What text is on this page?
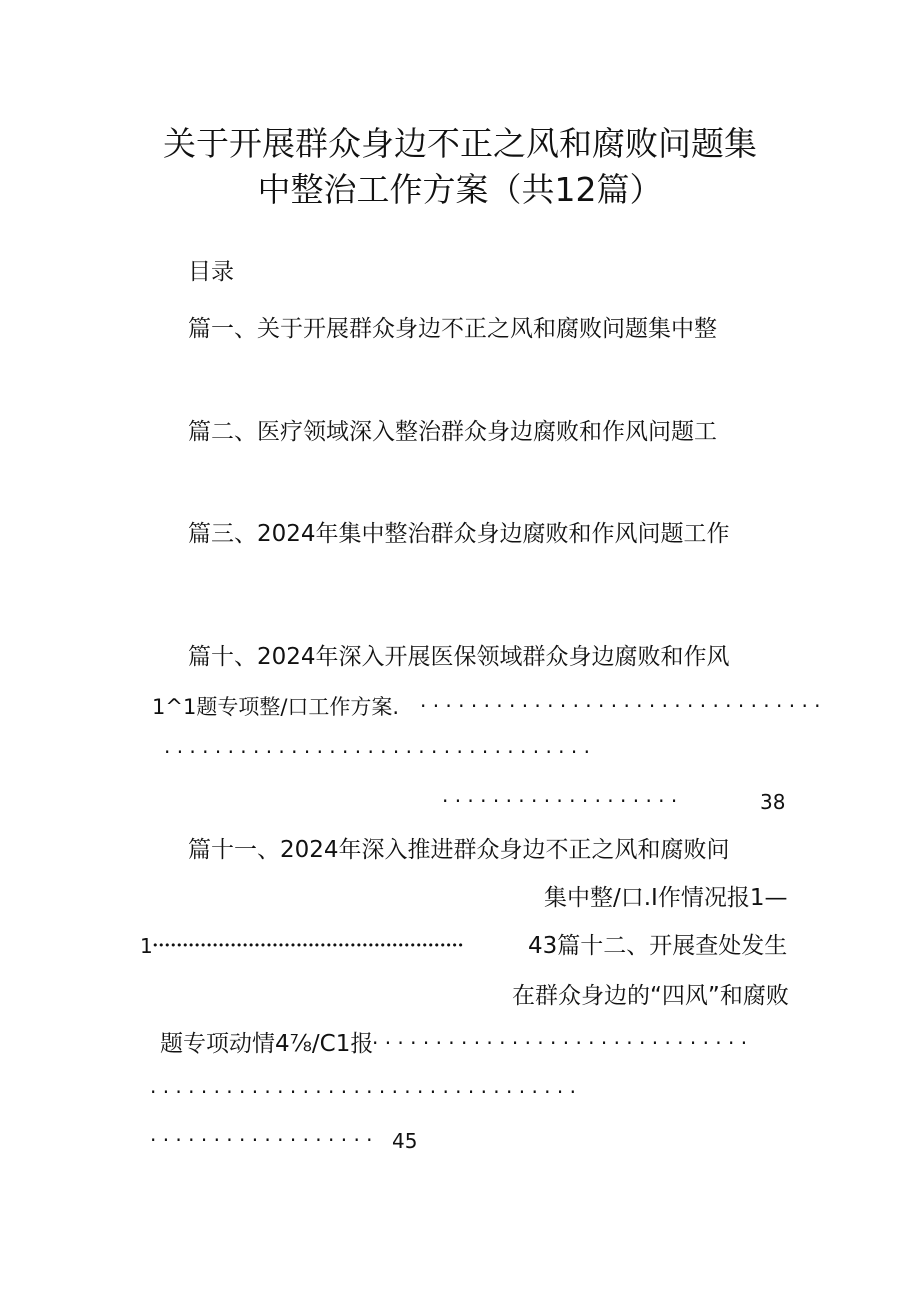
关于开展群众身边不正之风和腐败问题集
中整治工作方案（共12篇）
目录
篇一、关于开展群众身边不正之风和腐败问题集中整
篇二、医疗领域深入整治群众身边腐败和作风问题工
篇三、2024年集中整治群众身边腐败和作风问题工作
篇十、2024年深入开展医保领域群众身边腐败和作风
1^1题专项整/口工作方案. · · · · · · · · · · · · · · · · · · · · · · · · · · · · · · · ·
· · · · · · · · · · · · · · · · · · · · · · · · · · · · · · · · · ·
· · · · · · · · · · · · · · · · · · ·	38
篇十一、2024年深入推进群众身边不正之风和腐败问
集中整/口.I作情况报1—
1 ••••••••••••••••••••••••••••••••••••••••••••••••••••	43篇十二、开展查处发生
在群众身边的“四风”和腐败
题专项动情4⅞/C1报
· · · · · · · · · · · · · · · · · · · · · · · · · · · · · ·
· · · · · · · · · · · · · · · · · · · · · · · · · · · · · · · · · ·
· · · · · · · · · · · · · · · · · · 45
